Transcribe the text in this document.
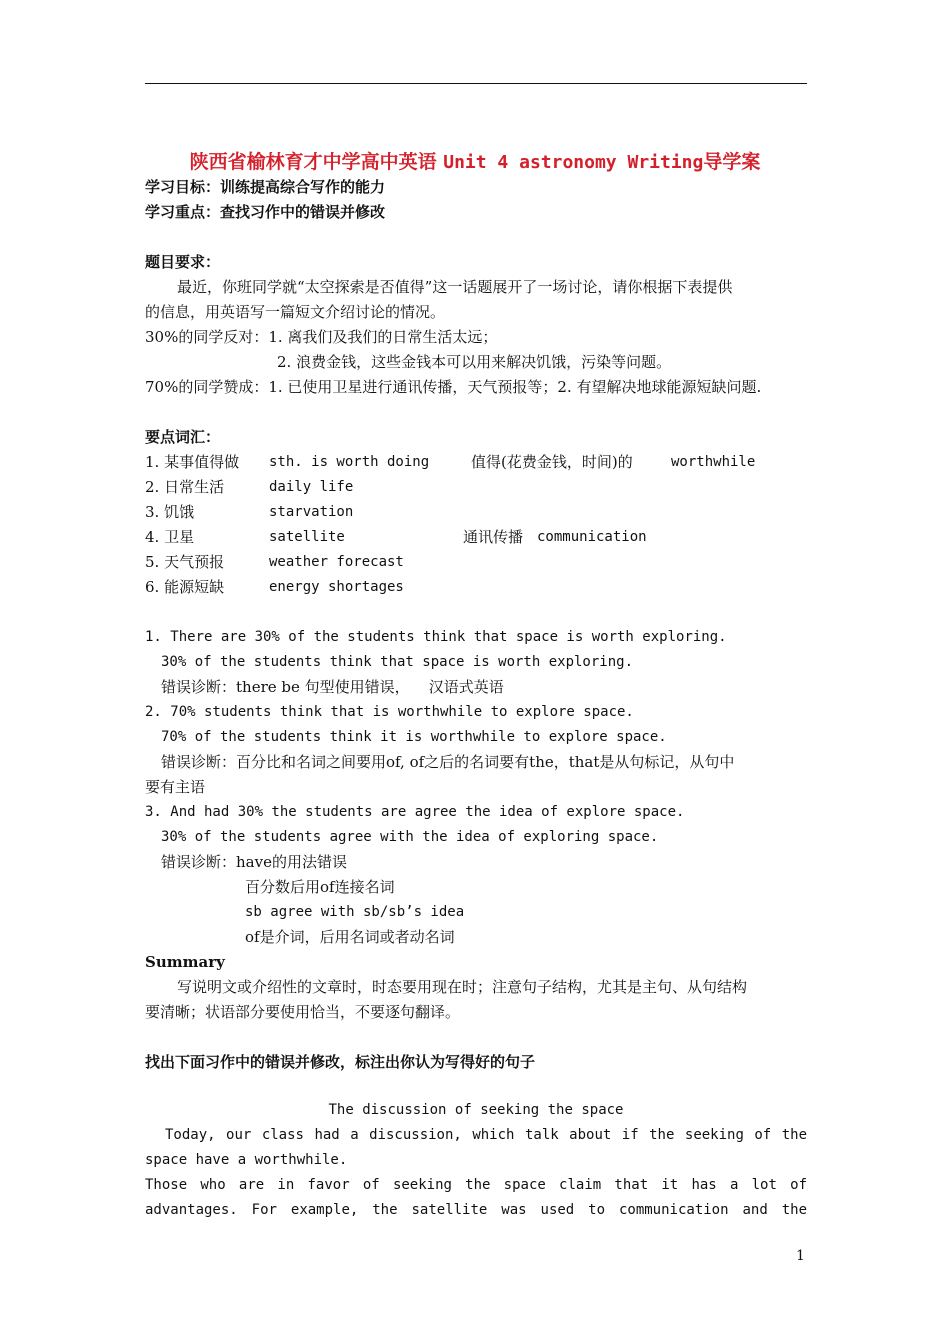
陕西省榆林育才中学高中英语 Unit 4 astronomy Writing导学案
学习目标：训练提高综合写作的能力
学习重点：查找习作中的错误并修改
题目要求：
最近，你班同学就“太空探索是否值得”这一话题展开了一场讨论，请你根据下表提供
的信息，用英语写一篇短文介绍讨论的情况。
30%的同学反对：1. 离我们及我们的日常生活太远；
2. 浪费金钱，这些金钱本可以用来解决饥饿，污染等问题。
70%的同学赞成：1. 已使用卫星进行通讯传播，天气预报等；2. 有望解决地球能源短缺问题.
要点词汇：
1. 某事值得做 sth. is worth doing	值得(花费金钱，时间)的	worthwhile
2. 日常生活	daily life
3. 饥饿	starvation
4. 卫星	satellite	通讯传播 communication
5. 天气预报	weather forecast
6. 能源短缺	energy shortages
1. There are 30% of the students think that space is worth exploring.
30% of the students think that space is worth exploring.
错误诊断：there be 句型使用错误，    汉语式英语
2. 70% students think that is worthwhile to explore space.
70% of the students think it is worthwhile to explore space.
错误诊断：百分比和名词之间要用of, of之后的名词要有the，that是从句标记，从句中
要有主语
3. And had 30% the students are agree the idea of explore space.
30% of the students agree with the idea of exploring space.
错误诊断：have的用法错误
百分数后用of连接名词
sb agree with sb/sb’s idea
of是介词，后用名词或者动名词
Summary
写说明文或介绍性的文章时，时态要用现在时；注意句子结构，尤其是主句、从句结构
要清晰；状语部分要使用恰当，不要逐句翻译。
找出下面习作中的错误并修改，标注出你认为写得好的句子
The discussion of seeking the space
Today, our class had a discussion, which talk about if the seeking of the
space have a worthwhile.
Those who are in favor of seeking the space claim that it has a lot of
advantages. For example, the satellite was used to communication and the
1
